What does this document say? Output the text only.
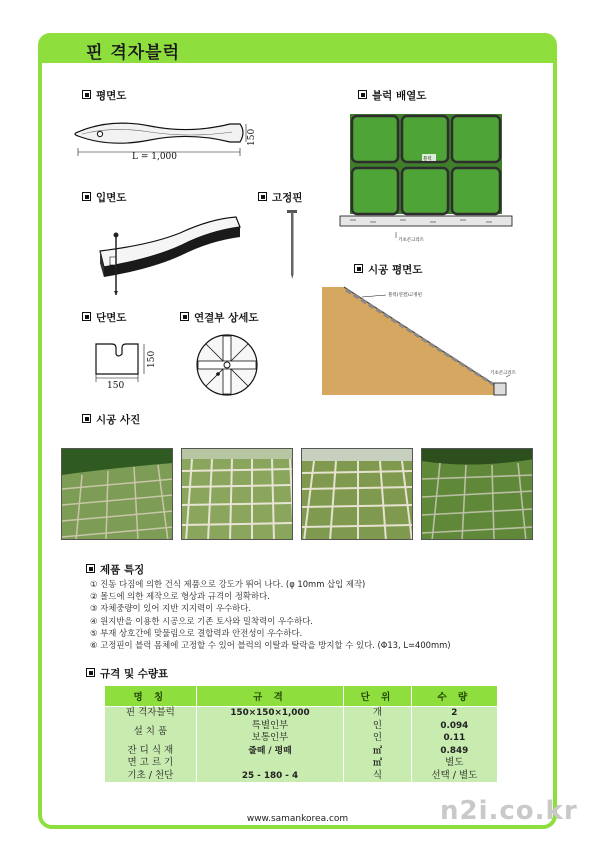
핀 격자블럭
평면도	블럭 배열도
입면도	고정핀
시공 평면도
단면도	연결부 상세도
시공 사진
제품 특징
규격 및 수량표
L = 1,000
150
블럭
기초콘크리트
150
150
블럭(연결)고정핀
기초콘크리트
① 진동 다짐에 의한 건식 제품으로 강도가 뛰어 나다. (φ 10mm 삽입 제작)
② 몰드에 의한 제작으로 형상과 규격이 정확하다.
③ 자체중량이 있어 지반 지지력이 우수하다.
④ 원지반을 이용한 시공으로 기존 토사와 밀착력이 우수하다.
⑤ 부재 상호간에 맞물림으로 결합력과 안전성이 우수하다.
⑥ 고정핀이 블럭 몸체에 고정할 수 있어 블럭의 이탈과 탈락을 방지할 수 있다. (Φ13, L=400mm)
명 칭	규 격	단 위	수 량
핀 격자블럭	150×150×1,000	개	2
설 치 품	특별인부	인	0.094
	보통인부	인	0.11
잔 디 식 재	줄떼 / 평떼	㎡	0.849
면 고 르 기		㎡	별도
기초 / 천단	25 - 180 - 4	식	선택 / 별도
www.samankorea.com	n2i.co.kr
